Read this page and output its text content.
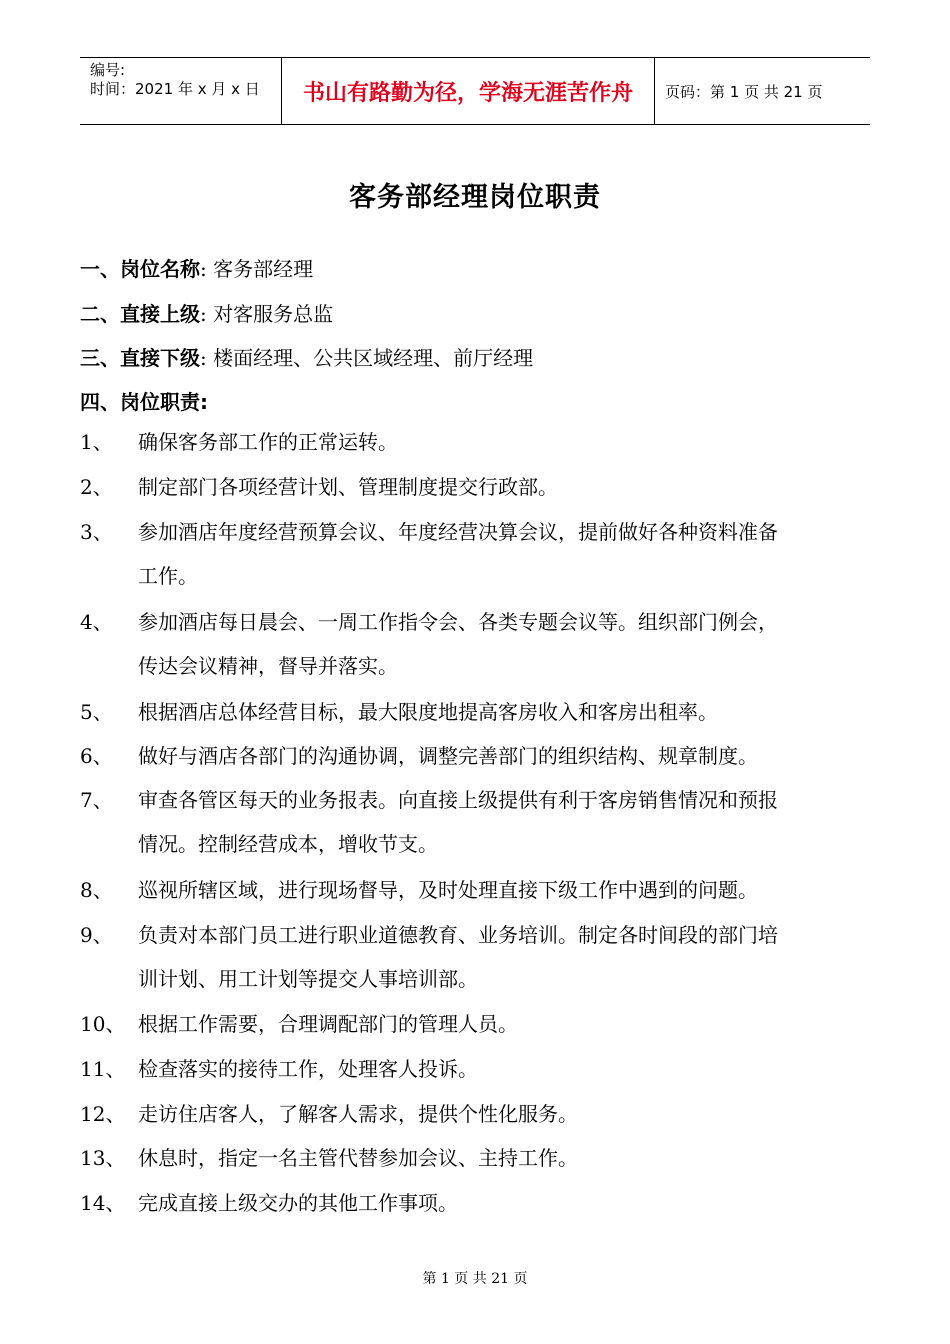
编号:
时间：2021 年 x 月 x 日	书山有路勤为径，学海无涯苦作舟	页码：第 1 页 共 21 页
客务部经理岗位职责
一、岗位名称: 客务部经理
二、直接上级: 对客服务总监
三、直接下级: 楼面经理、公共区域经理、前厅经理
四、岗位职责:
1、 确保客务部工作的正常运转。
2、 制定部门各项经营计划、管理制度提交行政部。
3、 参加酒店年度经营预算会议、年度经营决算会议，提前做好各种资料准备
工作。
4、 参加酒店每日晨会、一周工作指令会、各类专题会议等。组织部门例会，
传达会议精神，督导并落实。
5、 根据酒店总体经营目标，最大限度地提高客房收入和客房出租率。
6、 做好与酒店各部门的沟通协调，调整完善部门的组织结构、规章制度。
7、 审查各管区每天的业务报表。向直接上级提供有利于客房销售情况和预报
情况。控制经营成本，增收节支。
8、 巡视所辖区域，进行现场督导，及时处理直接下级工作中遇到的问题。
9、 负责对本部门员工进行职业道德教育、业务培训。制定各时间段的部门培
训计划、用工计划等提交人事培训部。
10、 根据工作需要，合理调配部门的管理人员。
11、 检查落实的接待工作，处理客人投诉。
12、 走访住店客人，了解客人需求，提供个性化服务。
13、 休息时，指定一名主管代替参加会议、主持工作。
14、 完成直接上级交办的其他工作事项。
第 1 页 共 21 页
